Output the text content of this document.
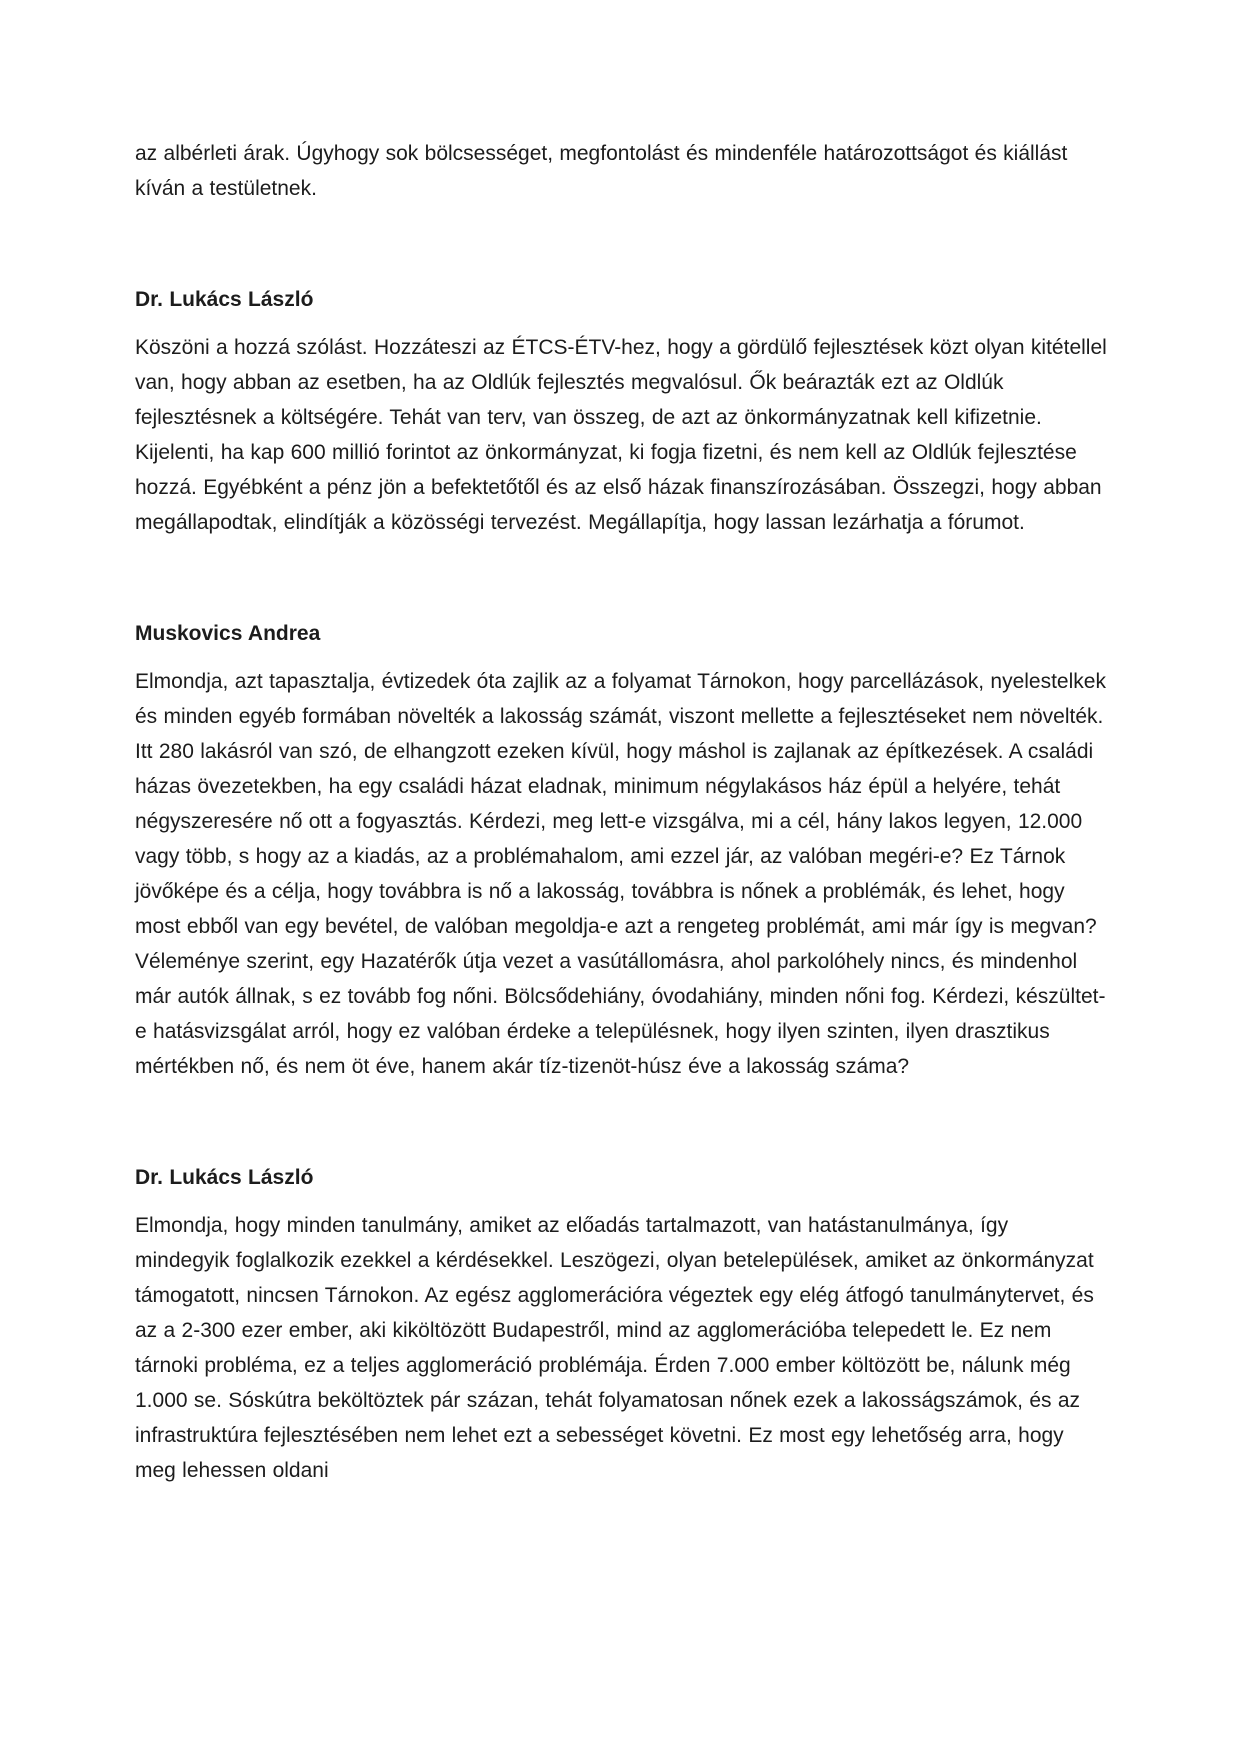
az albérleti árak. Úgyhogy sok bölcsességet, megfontolást és mindenféle határozottságot és kiállást kíván a testületnek.

Dr. Lukács László

Köszöni a hozzá szólást. Hozzáteszi az ÉTCS-ÉTV-hez, hogy a gördülő fejlesztések közt olyan kitétellel van, hogy abban az esetben, ha az Oldlúk fejlesztés megvalósul. Ők beárazták ezt az Oldlúk fejlesztésnek a költségére. Tehát van terv, van összeg, de azt az önkormányzatnak kell kifizetnie. Kijelenti, ha kap 600 millió forintot az önkormányzat, ki fogja fizetni, és nem kell az Oldlúk fejlesztése hozzá. Egyébként a pénz jön a befektetőtől és az első házak finanszírozásában. Összegzi, hogy abban megállapodtak, elindítják a közösségi tervezést. Megállapítja, hogy lassan lezárhatja a fórumot.

Muskovics Andrea

Elmondja, azt tapasztalja, évtizedek óta zajlik az a folyamat Tárnokon, hogy parcellázások, nyelestelkek és minden egyéb formában növelték a lakosság számát, viszont mellette a fejlesztéseket nem növelték. Itt 280 lakásról van szó, de elhangzott ezeken kívül, hogy máshol is zajlanak az építkezések. A családi házas övezetekben, ha egy családi házat eladnak, minimum négylakásos ház épül a helyére, tehát négyszeresére nő ott a fogyasztás. Kérdezi, meg lett-e vizsgálva, mi a cél, hány lakos legyen, 12.000 vagy több, s hogy az a kiadás, az a problémahalom, ami ezzel jár, az valóban megéri-e? Ez Tárnok jövőképe és a célja, hogy továbbra is nő a lakosság, továbbra is nőnek a problémák, és lehet, hogy most ebből van egy bevétel, de valóban megoldja-e azt a rengeteg problémát, ami már így is megvan? Véleménye szerint, egy Hazatérők útja vezet a vasútállomásra, ahol parkolóhely nincs, és mindenhol már autók állnak, s ez tovább fog nőni. Bölcsődehiány, óvodahiány, minden nőni fog. Kérdezi, készültet-e hatásvizsgálat arról, hogy ez valóban érdeke a településnek, hogy ilyen szinten, ilyen drasztikus mértékben nő, és nem öt éve, hanem akár tíz-tizenöt-húsz éve a lakosság száma?

Dr. Lukács László

Elmondja, hogy minden tanulmány, amiket az előadás tartalmazott, van hatástanulmánya, így mindegyik foglalkozik ezekkel a kérdésekkel. Leszögezi, olyan betelepülések, amiket az önkormányzat támogatott, nincsen Tárnokon. Az egész agglomerációra végeztek egy elég átfogó tanulmánytervet, és az a 2-300 ezer ember, aki kiköltözött Budapestről, mind az agglomerációba telepedett le. Ez nem tárnoki probléma, ez a teljes agglomeráció problémája. Érden 7.000 ember költözött be, nálunk még 1.000 se. Sóskútra beköltöztek pár százan, tehát folyamatosan nőnek ezek a lakosságszámok, és az infrastruktúra fejlesztésében nem lehet ezt a sebességet követni. Ez most egy lehetőség arra, hogy meg lehessen oldani
